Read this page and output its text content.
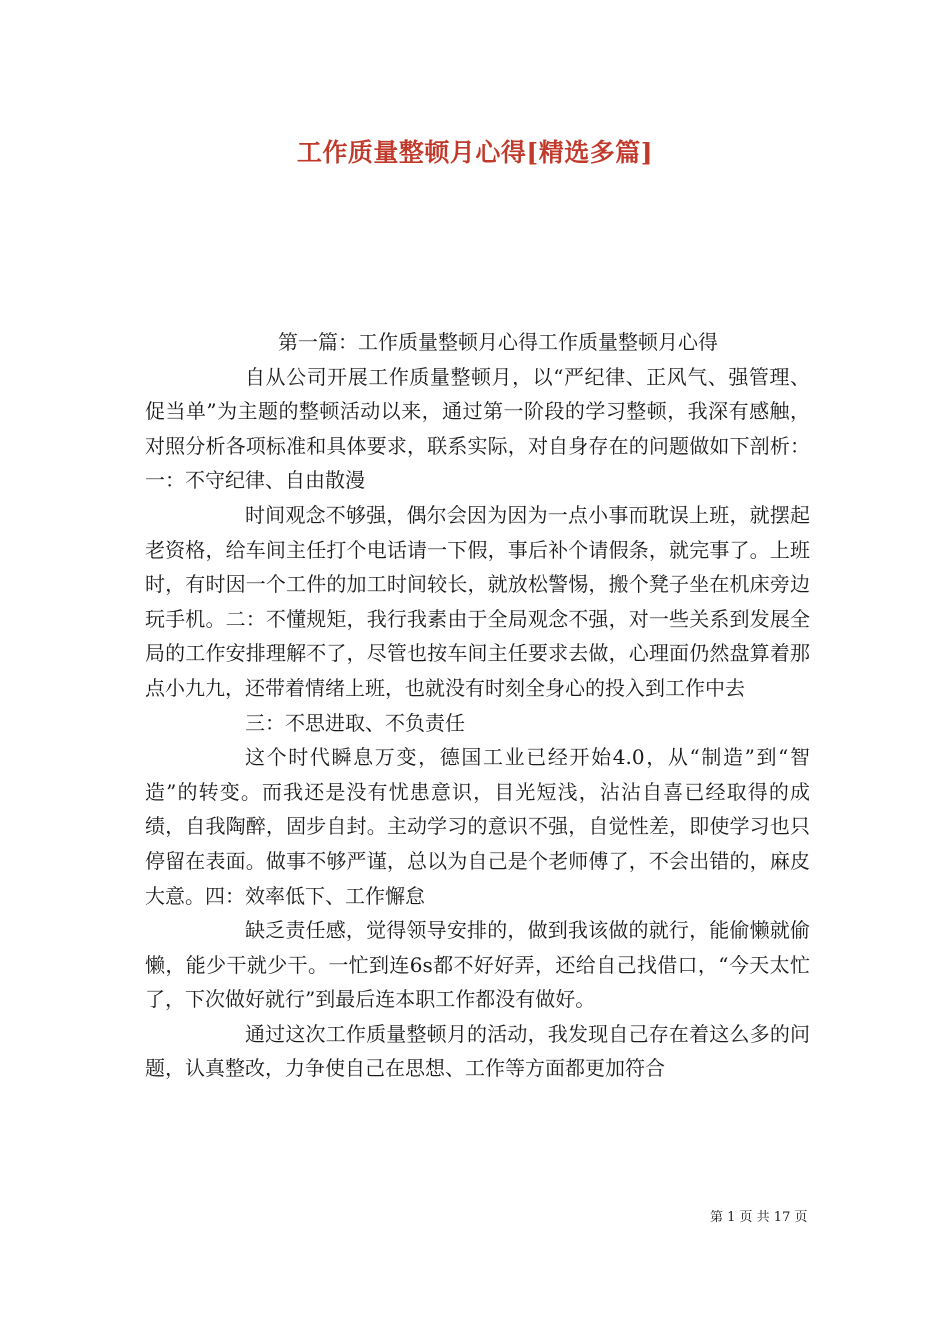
工作质量整顿月心得[精选多篇]

第一篇：工作质量整顿月心得工作质量整顿月心得

自从公司开展工作质量整顿月，以“严纪律、正风气、强管理、促当单”为主题的整顿活动以来，通过第一阶段的学习整顿，我深有感触，对照分析各项标准和具体要求，联系实际，对自身存在的问题做如下剖析：一：不守纪律、自由散漫

时间观念不够强，偶尔会因为因为一点小事而耽误上班，就摆起老资格，给车间主任打个电话请一下假，事后补个请假条，就完事了。上班时，有时因一个工件的加工时间较长，就放松警惕，搬个凳子坐在机床旁边玩手机。二：不懂规矩，我行我素由于全局观念不强，对一些关系到发展全局的工作安排理解不了，尽管也按车间主任要求去做，心理面仍然盘算着那点小九九，还带着情绪上班，也就没有时刻全身心的投入到工作中去

三：不思进取、不负责任

这个时代瞬息万变，德国工业已经开始4.0，从“制造”到“智造”的转变。而我还是没有忧患意识，目光短浅，沾沾自喜已经取得的成绩，自我陶醉，固步自封。主动学习的意识不强，自觉性差，即使学习也只停留在表面。做事不够严谨，总以为自己是个老师傅了，不会出错的，麻皮大意。四：效率低下、工作懈怠

缺乏责任感，觉得领导安排的，做到我该做的就行，能偷懒就偷懒，能少干就少干。一忙到连6s都不好好弄，还给自己找借口，“今天太忙了，下次做好就行”到最后连本职工作都没有做好。

通过这次工作质量整顿月的活动，我发现自己存在着这么多的问题，认真整改，力争使自己在思想、工作等方面都更加符合

第 1 页 共 17 页
